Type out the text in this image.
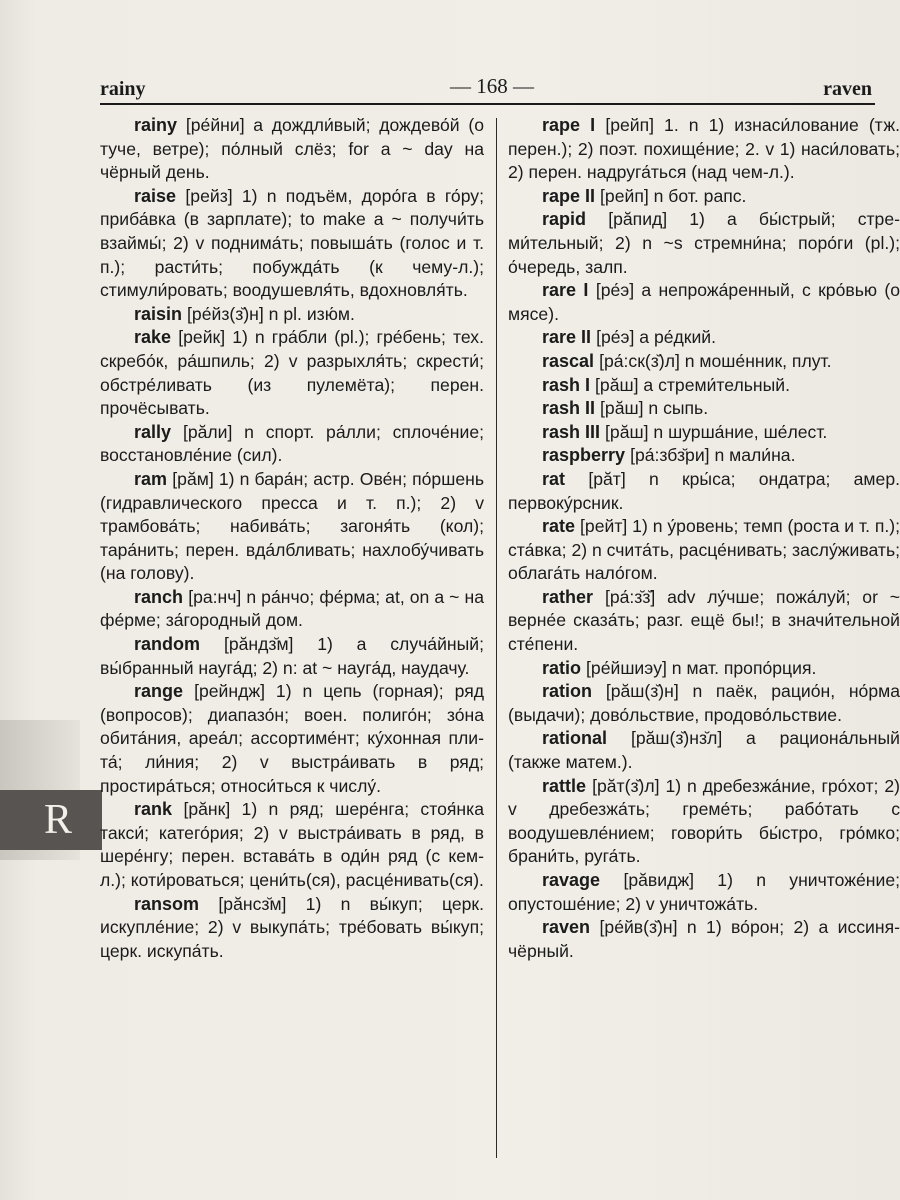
rainy	— 168 —	raven
R
rainy [ре́йни] a дождли́вый; дождево́й (о туче, ветре); по́лный слёз; for a ~ day на чёрный день.
raise [рейз] 1) n подъём, доро́га в го́ру; приба́вка (в зарплате); to make a ~ получи́ть взаймы́; 2) v поднима́ть; повыша́ть (голос и т. п.); расти́ть; побужда́ть (к чему-л.); стимули́ровать; воодушевля́ть, вдохновля́ть.
raisin [ре́йз(з̆)н] n pl. изю́м.
rake [рейк] 1) n гра́бли (pl.); гре́бень; тех. скребо́к, ра́шпиль; 2) v разрыхля́ть; скрести́; обстре́ливать (из пулемёта); перен. прочёсывать.
rally [рӑли] n спорт. ра́лли; сплоче́ние; восстановле́ние (сил).
ram [рӑм] 1) n бара́н; астр. Ове́н; по́ршень (гидравлического пресса и т. п.); 2) v трамбова́ть; набива́ть; загоня́ть (кол); тара́нить; перен. вда́лбливать; нахлобу́чивать (на голову).
ranch [ра:нч] n ра́нчо; фе́рма; at, on a ~ на фе́рме; за́городный дом.
random [рӑндз̆м] 1) a случа́йный; вы́бранный науга́д; 2) n: at ~ науга́д, наудачу.
range [рейндж] 1) n цепь (горная); ряд (вопросов); диапазо́н; воен. полиго́н; зо́на обита́ния, ареа́л; ассортиме́нт; ку́хонная плита́; ли́ния; 2) v выстра́ивать в ряд; простира́ться; относи́ться к числу́.
rank [рӑнк] 1) n ряд; шере́нга; стоя́нка такси́; катего́рия; 2) v выстра́ивать в ряд, в шере́нгу; перен. встава́ть в оди́н ряд (с кем-л.); коти́роваться; цени́ть(ся), расце́нивать(ся).
ransom [рӑнсз̆м] 1) n вы́куп; церк. искупле́ние; 2) v выкупа́ть; тре́бовать вы́куп; церк. искупа́ть.
rape I [рейп] 1. n 1) изнаси́лование (тж. перен.); 2) поэт. похище́ние; 2. v 1) наси́ловать; 2) перен. надруга́ться (над чем-л.).
rape II [рейп] n бот. рапс.
rapid [рӑпид] 1) a бы́стрый; стреми́тельный; 2) n ~s стремни́на; поро́ги (pl.); о́чередь, залп.
rare I [ре́э] a непрожа́ренный, с кро́вью (о мясе).
rare II [ре́э] a ре́дкий.
rascal [ра́:ск(з̆)л] n моше́нник, плут.
rash I [рӑш] a стреми́тельный.
rash II [рӑш] n сыпь.
rash III [рӑш] n шурша́ние, ше́лест.
raspberry [ра́:збз̆ри] n мали́на.
rat [рӑт] n кры́са; ондатра; амер. первоку́рсник.
rate [рейт] 1) n у́ровень; темп (роста и т. п.); ста́вка; 2) n счита́ть, расце́нивать; заслу́живать; облага́ть нало́гом.
rather [ра́:з̆з̆] adv лу́чше; пожа́луй; or ~ верне́е сказа́ть; разг. ещё бы!; в значи́тельной сте́пени.
ratio [ре́йшиэу] n мат. пропо́рция.
ration [рӑш(з̆)н] n паёк, рацио́н, но́рма (выдачи); дово́льствие, продово́льствие.
rational [рӑш(з̆)нз̆л] a рациона́льный (также матем.).
rattle [рӑт(з̆)л] 1) n дребезжа́ние, гро́хот; 2) v дребезжа́ть; греме́ть; рабо́тать с воодушевле́нием; говори́ть бы́стро, гро́мко; брани́ть, руга́ть.
ravage [рӑвидж] 1) n уничтоже́ние; опустоше́ние; 2) v уничтожа́ть.
raven [ре́йв(з̆)н] n 1) во́рон; 2) a иссиня-чёрный.
